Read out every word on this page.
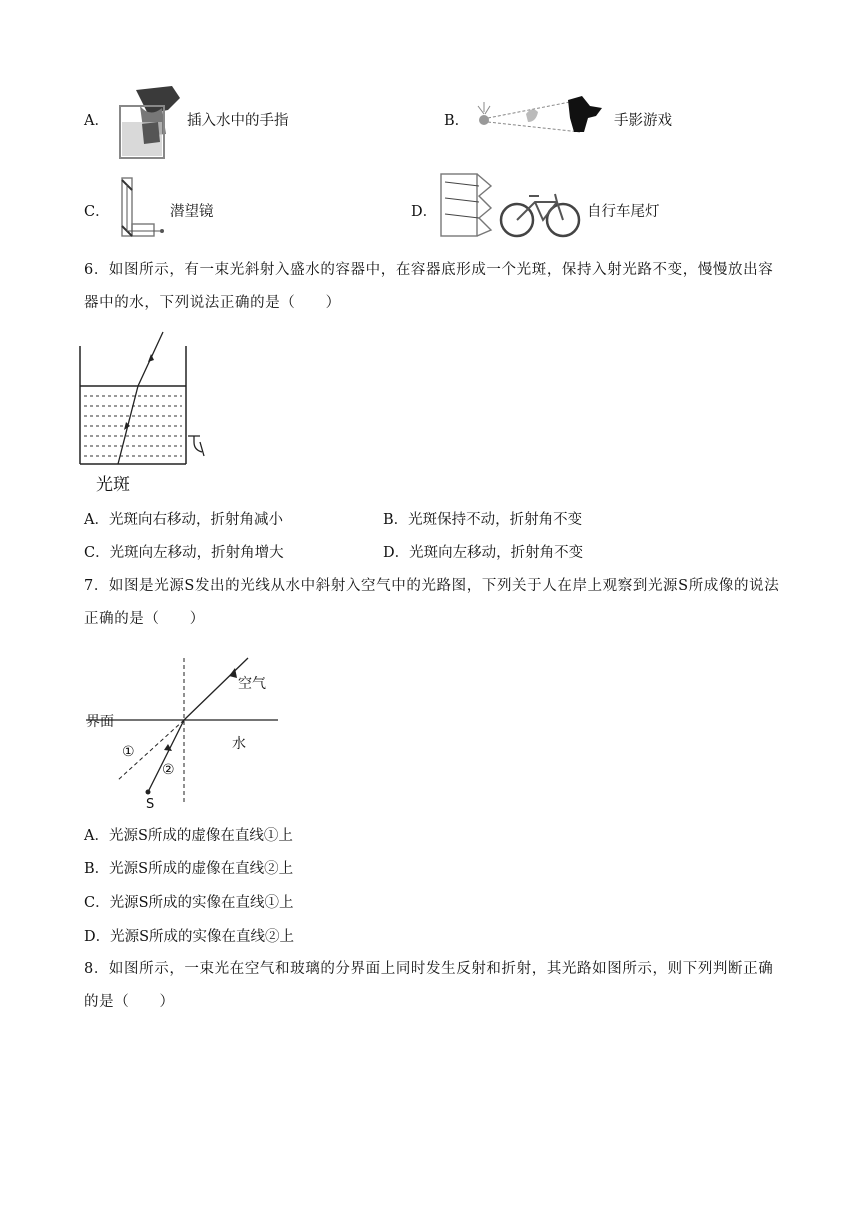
A．	插入水中的手指	B．	手影游戏
C．	潜望镜	D．	自行车尾灯
6．如图所示，有一束光斜射入盛水的容器中，在容器底形成一个光斑，保持入射光路不变，慢慢放出容器中的水，下列说法正确的是（　　）
光斑
A．光斑向右移动，折射角减小	B．光斑保持不动，折射角不变
C．光斑向左移动，折射角增大	D．光斑向左移动，折射角不变
7．如图是光源S发出的光线从水中斜射入空气中的光路图，下列关于人在岸上观察到光源S所成像的说法正确的是（　　）
空气
界面
水
①
②
S
A．光源S所成的虚像在直线①上
B．光源S所成的虚像在直线②上
C．光源S所成的实像在直线①上
D．光源S所成的实像在直线②上
8．如图所示，一束光在空气和玻璃的分界面上同时发生反射和折射，其光路如图所示，则下列判断正确的是（　　）
